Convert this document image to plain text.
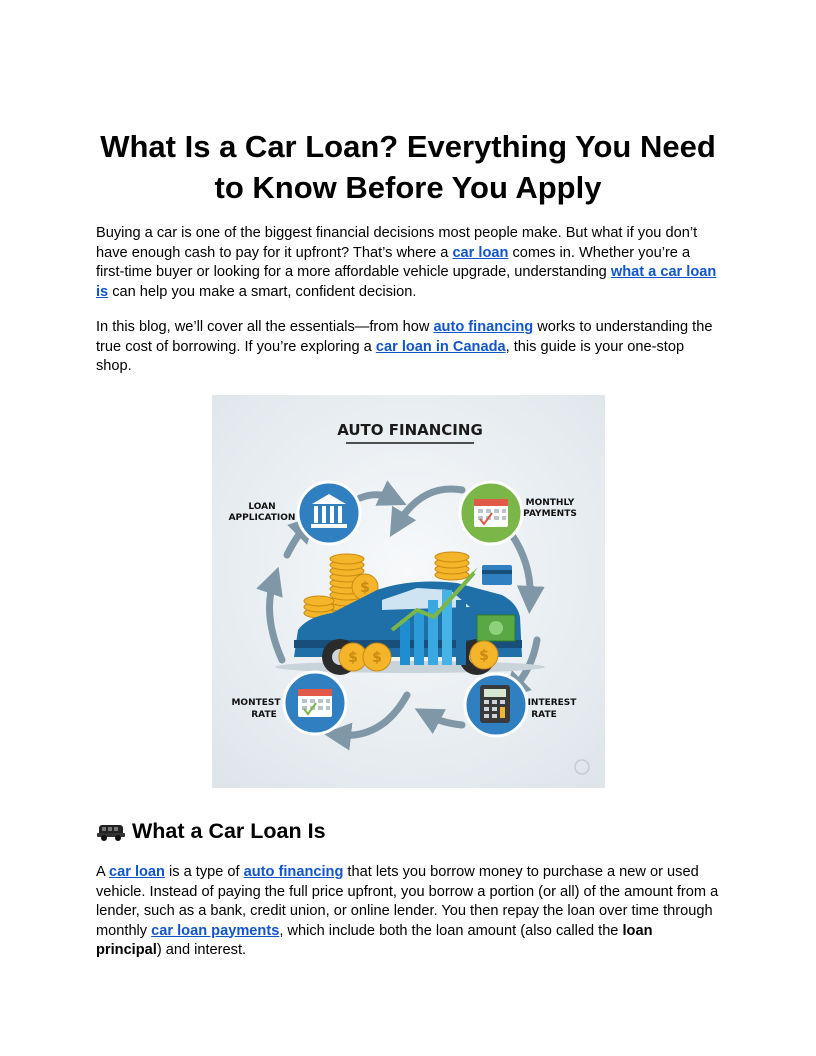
What Is a Car Loan? Everything You Need to Know Before You Apply

Buying a car is one of the biggest financial decisions most people make. But what if you don’t have enough cash to pay for it upfront? That’s where a car loan comes in. Whether you’re a first-time buyer or looking for a more affordable vehicle upgrade, understanding what a car loan is can help you make a smart, confident decision.

In this blog, we’ll cover all the essentials—from how auto financing works to understanding the true cost of borrowing. If you’re exploring a car loan in Canada, this guide is your one-stop shop.

AUTO FINANCING
LOAN
APPLICATION
MONTHLY
PAYMENTS
$
$ $	$
MONTEST
RATE
INTEREST
RATE
What a Car Loan Is

A car loan is a type of auto financing that lets you borrow money to purchase a new or used vehicle. Instead of paying the full price upfront, you borrow a portion (or all) of the amount from a lender, such as a bank, credit union, or online lender. You then repay the loan over time through monthly car loan payments, which include both the loan amount (also called the loan principal) and interest.
